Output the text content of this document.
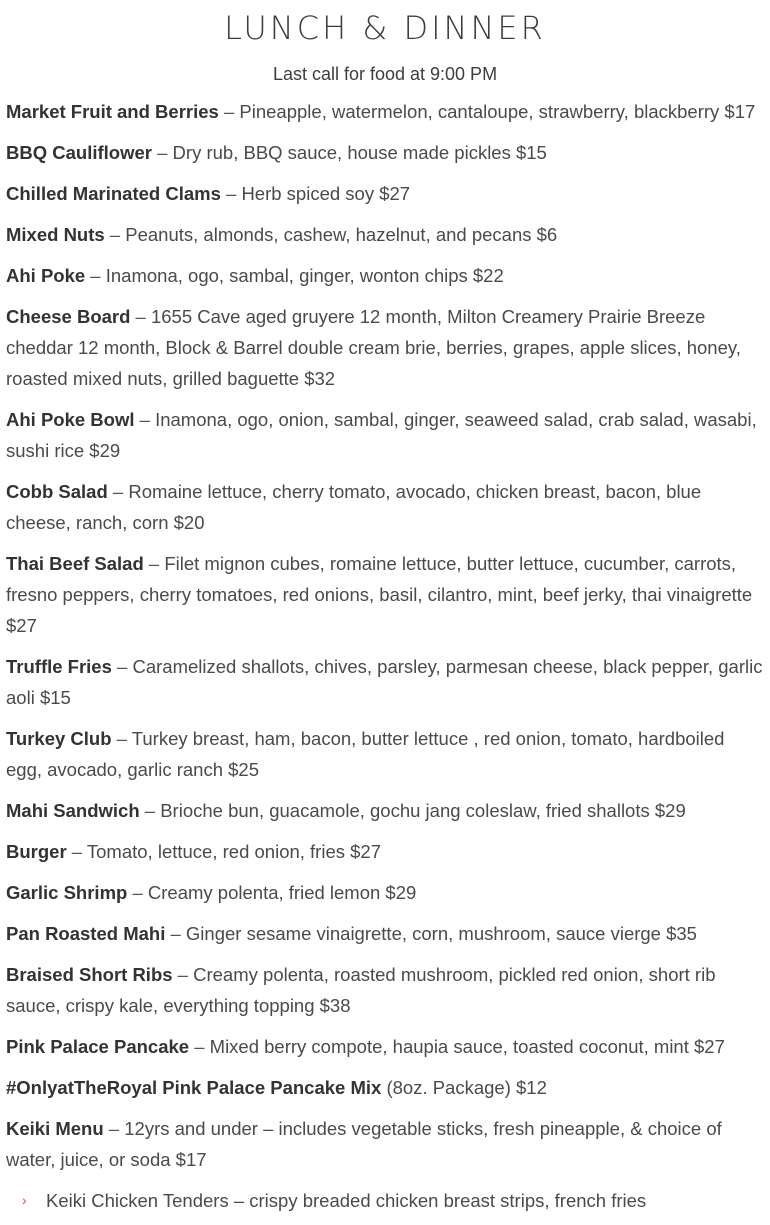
LUNCH & DINNER

Last call for food at 9:00 PM

Market Fruit and Berries – Pineapple, watermelon, cantaloupe, strawberry, blackberry $17

BBQ Cauliflower – Dry rub, BBQ sauce, house made pickles $15

Chilled Marinated Clams – Herb spiced soy $27

Mixed Nuts – Peanuts, almonds, cashew, hazelnut, and pecans $6

Ahi Poke – Inamona, ogo, sambal, ginger, wonton chips $22

Cheese Board – 1655 Cave aged gruyere 12 month, Milton Creamery Prairie Breeze cheddar 12 month, Block & Barrel double cream brie, berries, grapes, apple slices, honey, roasted mixed nuts, grilled baguette $32

Ahi Poke Bowl – Inamona, ogo, onion, sambal, ginger, seaweed salad, crab salad, wasabi, sushi rice $29

Cobb Salad – Romaine lettuce, cherry tomato, avocado, chicken breast, bacon, blue cheese, ranch, corn $20

Thai Beef Salad – Filet mignon cubes, romaine lettuce, butter lettuce, cucumber, carrots, fresno peppers, cherry tomatoes, red onions, basil, cilantro, mint, beef jerky, thai vinaigrette $27

Truffle Fries – Caramelized shallots, chives, parsley, parmesan cheese, black pepper, garlic aoli $15

Turkey Club – Turkey breast, ham, bacon, butter lettuce , red onion, tomato, hardboiled egg, avocado, garlic ranch $25

Mahi Sandwich – Brioche bun, guacamole, gochu jang coleslaw, fried shallots $29

Burger – Tomato, lettuce, red onion, fries $27

Garlic Shrimp – Creamy polenta, fried lemon $29

Pan Roasted Mahi – Ginger sesame vinaigrette, corn, mushroom, sauce vierge $35

Braised Short Ribs – Creamy polenta, roasted mushroom, pickled red onion, short rib sauce, crispy kale, everything topping $38

Pink Palace Pancake – Mixed berry compote, haupia sauce, toasted coconut, mint $27

#OnlyatTheRoyal Pink Palace Pancake Mix (8oz. Package) $12

Keiki Menu – 12yrs and under – includes vegetable sticks, fresh pineapple, & choice of water, juice, or soda $17

›	Keiki Chicken Tenders – crispy breaded chicken breast strips, french fries
